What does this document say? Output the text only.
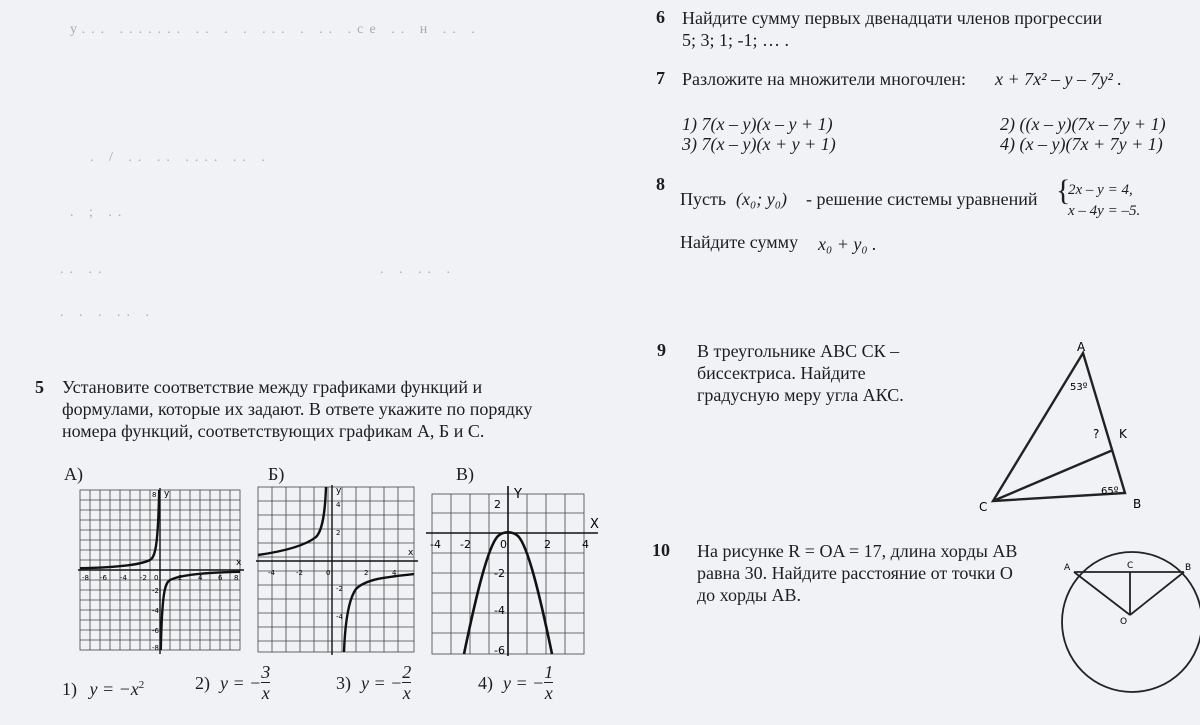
у... ....... .. . . ... . .. .се .. н .. .
. / .. .. .... .. .
. ; ..
.. ..	. . .. .
. . . .. .
5 Установите соответствие между графиками функций и
формулами, которые их задают. В ответе укажите по порядку
номера функций, соответствующих графикам А, Б и С.
А)	Б)	В)
x
y
-8 -6 -4 -2 0	2 4 6 8
8
-2
-4
-6
-8
x
y
-4	-2	0	2	4
4
2
-2
-4
X
Y
-4 -2	0	2	4
2
-2
-4
-6
1) $y = -x^2$	2) y = − $\frac{3}{x}$	3) y = − $\frac{2}{x}$	4) y = − $\frac{1}{x}$
6 Найдите сумму первых двенадцати членов прогрессии
5; 3; 1; -1; … .
7 Разложите на множители многочлен: x + 7x² – y – 7y² .
1) 7(x – y)(x – y + 1)	2) ((x – y)(7x – 7y + 1)
3) 7(x – y)(x + y + 1)	4) (x – y)(7x + 7y + 1)
8
Пусть (x₀; y₀) - решение системы уравнений {
2x – y = 4,
x – 4y = –5.
Найдите сумму x₀ + y₀ .
9 В треугольнике АВС СК –
биссектриса. Найдите
градусную меру угла АКС.
A
B
C
K
?
53º
65º
10 На рисунке R = OA = 17, длина хорды АВ
равна 30. Найдите расстояние от точки О
до хорды АВ.
A	B
C
O
